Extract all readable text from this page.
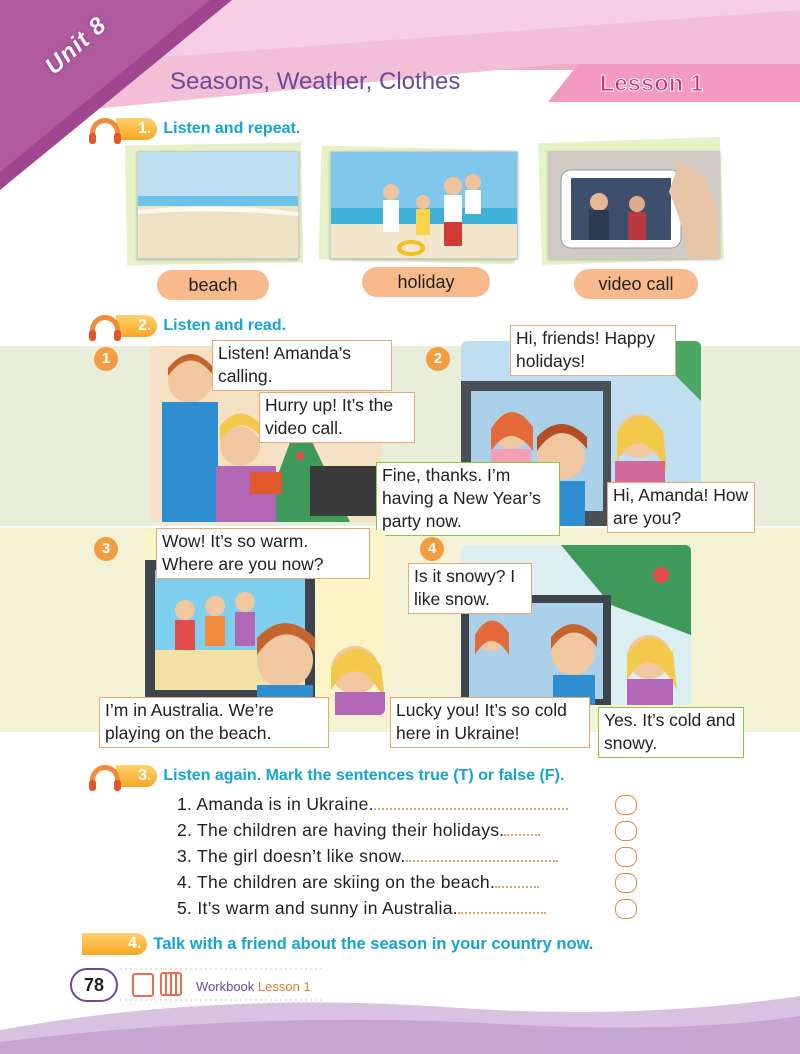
Unit 8
Seasons, Weather, Clothes	Lesson 1
1. Listen and repeat.
beach	holiday	video call
2. Listen and read.
1	Listen! Amanda’s calling.
Hurry up! It’s the video call.
2
Hi, friends! Happy holidays!
Fine, thanks. I’m having a New Year’s party now.
Hi, Amanda! How are you?
3	Wow! It’s so warm. Where are you now?
I’m in Australia. We’re playing on the beach.
4
Is it snowy? I like snow.
Lucky you! It’s so cold here in Ukraine!
Yes. It’s cold and snowy.
3. Listen again. Mark the sentences true (T) or false (F).
1. Amanda is in Ukraine.
2. The children are having their holidays.
3. The girl doesn’t like snow.
4. The children are skiing on the beach.
5. It’s warm and sunny in Australia.
4. Talk with a friend about the season in your country now.
78	Workbook Lesson 1
